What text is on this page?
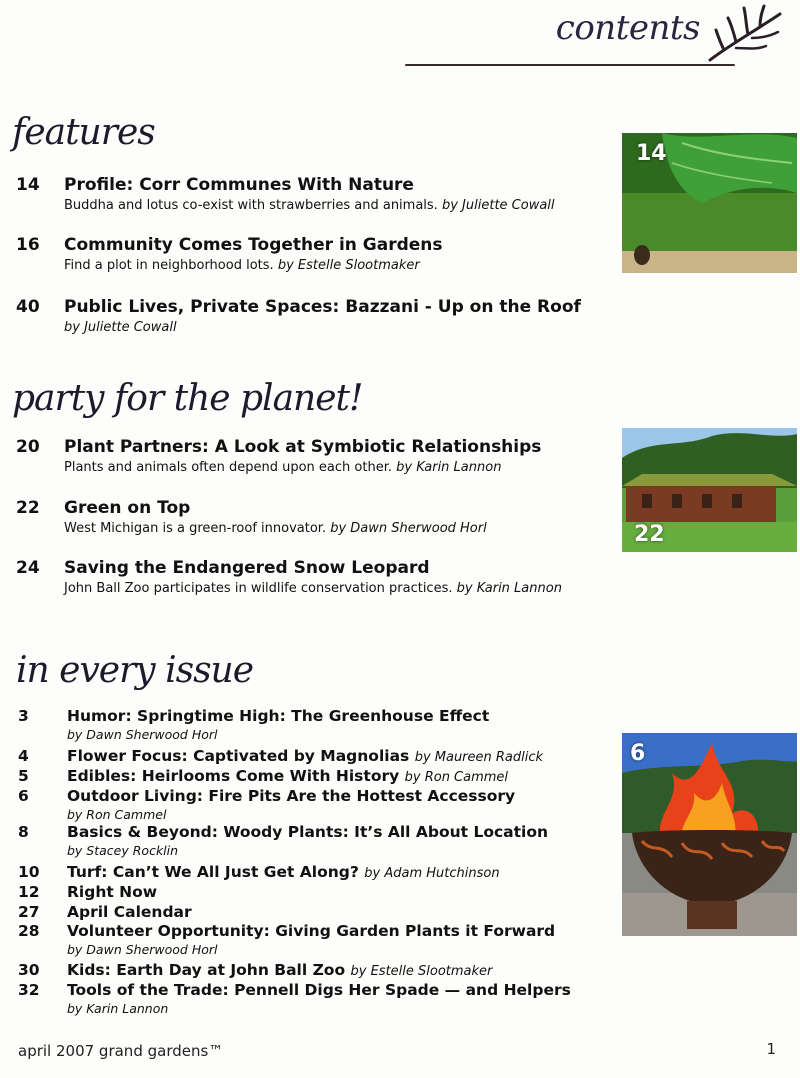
contents
features
14 Profile: Corr Communes With Nature
Buddha and lotus co-exist with strawberries and animals. by Juliette Cowall
16 Community Comes Together in Gardens
Find a plot in neighborhood lots. by Estelle Slootmaker
40 Public Lives, Private Spaces: Bazzani - Up on the Roof
by Juliette Cowall
14
party for the planet!
20 Plant Partners: A Look at Symbiotic Relationships
Plants and animals often depend upon each other. by Karin Lannon
22 Green on Top
West Michigan is a green-roof innovator. by Dawn Sherwood Horl
24 Saving the Endangered Snow Leopard
John Ball Zoo participates in wildlife conservation practices. by Karin Lannon
22
in every issue
3 Humor: Springtime High: The Greenhouse Effect
by Dawn Sherwood Horl
4 Flower Focus: Captivated by Magnolias by Maureen Radlick
5 Edibles: Heirlooms Come With History by Ron Cammel
6 Outdoor Living: Fire Pits Are the Hottest Accessory
by Ron Cammel
8 Basics & Beyond: Woody Plants: It’s All About Location
by Stacey Rocklin
10 Turf: Can’t We All Just Get Along? by Adam Hutchinson
12 Right Now
27 April Calendar
28 Volunteer Opportunity: Giving Garden Plants it Forward
by Dawn Sherwood Horl
30 Kids: Earth Day at John Ball Zoo by Estelle Slootmaker
32 Tools of the Trade: Pennell Digs Her Spade — and Helpers
by Karin Lannon
6
april 2007 grand gardens™	1
